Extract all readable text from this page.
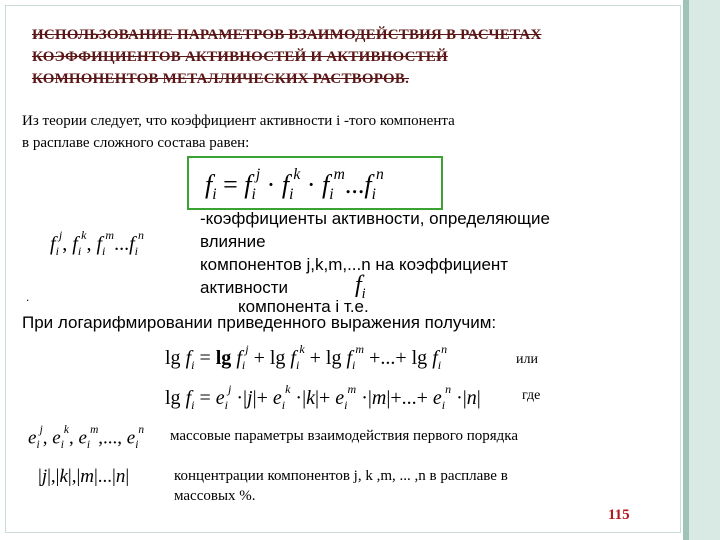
ИСПОЛЬЗОВАНИЕ ПАРАМЕТРОВ ВЗАИМОДЕЙСТВИЯ В РАСЧЕТАХ
КОЭФФИЦИЕНТОВ АКТИВНОСТЕЙ И АКТИВНОСТЕЙ
КОМПОНЕНТОВ МЕТАЛЛИЧЕСКИХ РАСТВОРОВ.
Из теории следует, что коэффициент активности i -того компонента
в расплаве сложного состава равен:
$f_i = f_i^j \cdot f_i^k \cdot f_i^m...f_i^n$
$f_i^j$, $f_i^k$, $f_i^m...f_i^n$
-коэффициенты активности, определяющие
влияние
компонентов j,k,m,...n на коэффициент
активности	$f_i$
.	компонента i т.е.
При логарифмировании приведенного выражения получим:
$\lg f_i = \lg f_i^j + \lg f_i^k + \lg f_i^m$ +...+ $\lg f_i^n$
или
$\lg f_i = e_i^j \cdot|j|+ e_i^k \cdot|k|+ e_i^m \cdot|m|+...+ e_i^n \cdot|n|$	где
$e_i^j$, $e_i^k$, $e_i^m$,..., $e_i^n$ массовые параметры взаимодействия первого порядка
|j|,|k|,|m|...|n|	концентрации компонентов j, k ,m, ... ,n в расплаве в
массовых %.
115
